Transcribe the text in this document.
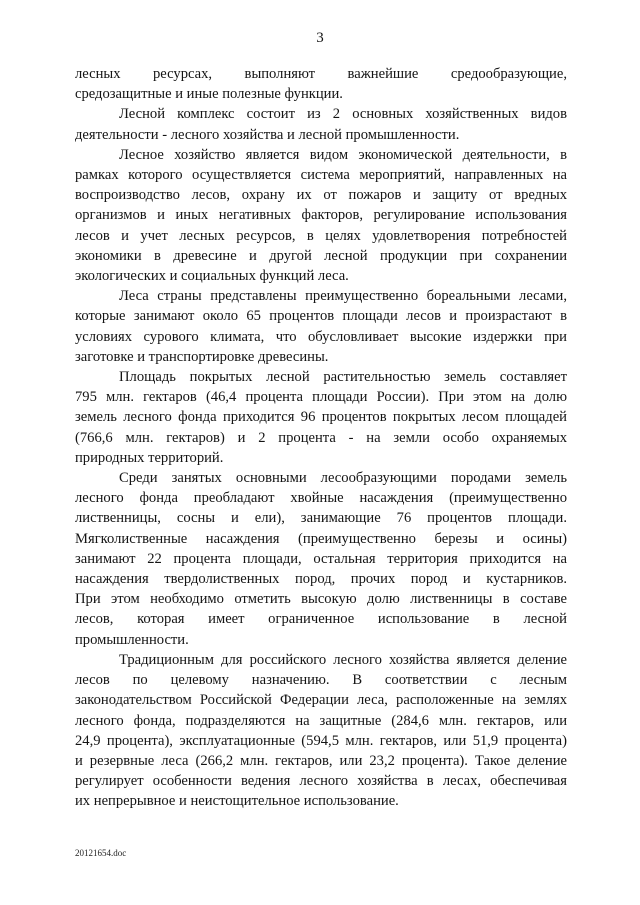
3

лесных ресурсах, выполняют важнейшие средообразующие,
средозащитные и иные полезные функции.

Лесной комплекс состоит из 2 основных хозяйственных видов
деятельности - лесного хозяйства и лесной промышленности.

Лесное хозяйство является видом экономической деятельности, в
рамках которого осуществляется система мероприятий, направленных на
воспроизводство лесов, охрану их от пожаров и защиту от вредных
организмов и иных негативных факторов, регулирование использования
лесов и учет лесных ресурсов, в целях удовлетворения потребностей
экономики в древесине и другой лесной продукции при сохранении
экологических и социальных функций леса.

Леса страны представлены преимущественно бореальными лесами,
которые занимают около 65 процентов площади лесов и произрастают в
условиях сурового климата, что обусловливает высокие издержки при
заготовке и транспортировке древесины.

Площадь покрытых лесной растительностью земель составляет
795 млн. гектаров (46,4 процента площади России). При этом на долю
земель лесного фонда приходится 96 процентов покрытых лесом площадей
(766,6 млн. гектаров) и 2 процента - на земли особо охраняемых
природных территорий.

Среди занятых основными лесообразующими породами земель
лесного фонда преобладают хвойные насаждения (преимущественно
лиственницы, сосны и ели), занимающие 76 процентов площади.
Мягколиственные насаждения (преимущественно березы и осины)
занимают 22 процента площади, остальная территория приходится на
насаждения твердолиственных пород, прочих пород и кустарников.
При этом необходимо отметить высокую долю лиственницы в составе
лесов, которая имеет ограниченное использование в лесной
промышленности.

Традиционным для российского лесного хозяйства является деление
лесов по целевому назначению. В соответствии с лесным
законодательством Российской Федерации леса, расположенные на землях
лесного фонда, подразделяются на защитные (284,6 млн. гектаров, или
24,9 процента), эксплуатационные (594,5 млн. гектаров, или 51,9 процента)
и резервные леса (266,2 млн. гектаров, или 23,2 процента). Такое деление
регулирует особенности ведения лесного хозяйства в лесах, обеспечивая
их непрерывное и неистощительное использование.

20121654.doc
